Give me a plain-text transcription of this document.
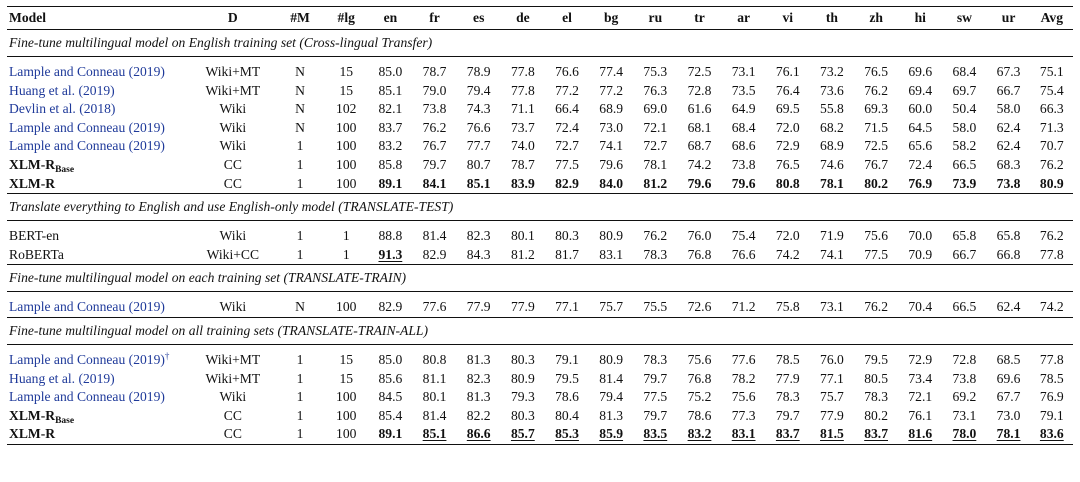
Model	D	#M	#lg	en	fr	es	de	el	bg	ru	tr	ar	vi	th	zh	hi	sw	ur	Avg
Fine-tune multilingual model on English training set (Cross-lingual Transfer)																			
Lample and Conneau (2019)	Wiki+MT	N	15	85.0	78.7	78.9	77.8	76.6	77.4	75.3	72.5	73.1	76.1	73.2	76.5	69.6	68.4	67.3	75.1
Huang et al. (2019)	Wiki+MT	N	15	85.1	79.0	79.4	77.8	77.2	77.2	76.3	72.8	73.5	76.4	73.6	76.2	69.4	69.7	66.7	75.4
Devlin et al. (2018)	Wiki	N	102	82.1	73.8	74.3	71.1	66.4	68.9	69.0	61.6	64.9	69.5	55.8	69.3	60.0	50.4	58.0	66.3
Lample and Conneau (2019)	Wiki	N	100	83.7	76.2	76.6	73.7	72.4	73.0	72.1	68.1	68.4	72.0	68.2	71.5	64.5	58.0	62.4	71.3
Lample and Conneau (2019)	Wiki	1	100	83.2	76.7	77.7	74.0	72.7	74.1	72.7	68.7	68.6	72.9	68.9	72.5	65.6	58.2	62.4	70.7
XLM-$R_{Base}$	CC	1	100	85.8	79.7	80.7	78.7	77.5	79.6	78.1	74.2	73.8	76.5	74.6	76.7	72.4	66.5	68.3	76.2
XLM-R	CC	1	100	89.1	84.1	85.1	83.9	82.9	84.0	81.2	79.6	79.6	80.8	78.1	80.2	76.9	73.9	73.8	80.9
Translate everything to English and use English-only model (TRANSLATE-TEST)																			
BERT-en	Wiki	1	1	88.8	81.4	82.3	80.1	80.3	80.9	76.2	76.0	75.4	72.0	71.9	75.6	70.0	65.8	65.8	76.2
RoBERTa	Wiki+CC	1	1	91.3	82.9	84.3	81.2	81.7	83.1	78.3	76.8	76.6	74.2	74.1	77.5	70.9	66.7	66.8	77.8
Fine-tune multilingual model on each training set (TRANSLATE-TRAIN)																			
Lample and Conneau (2019)	Wiki	N	100	82.9	77.6	77.9	77.9	77.1	75.7	75.5	72.6	71.2	75.8	73.1	76.2	70.4	66.5	62.4	74.2
Fine-tune multilingual model on all training sets (TRANSLATE-TRAIN-ALL)																			
Lample and Conneau (2019)†	Wiki+MT	1	15	85.0	80.8	81.3	80.3	79.1	80.9	78.3	75.6	77.6	78.5	76.0	79.5	72.9	72.8	68.5	77.8
Huang et al. (2019)	Wiki+MT	1	15	85.6	81.1	82.3	80.9	79.5	81.4	79.7	76.8	78.2	77.9	77.1	80.5	73.4	73.8	69.6	78.5
Lample and Conneau (2019)	Wiki	1	100	84.5	80.1	81.3	79.3	78.6	79.4	77.5	75.2	75.6	78.3	75.7	78.3	72.1	69.2	67.7	76.9
XLM-$R_{Base}$	CC	1	100	85.4	81.4	82.2	80.3	80.4	81.3	79.7	78.6	77.3	79.7	77.9	80.2	76.1	73.1	73.0	79.1
XLM-R	CC	1	100	89.1	85.1	86.6	85.7	85.3	85.9	83.5	83.2	83.1	83.7	81.5	83.7	81.6	78.0	78.1	83.6
